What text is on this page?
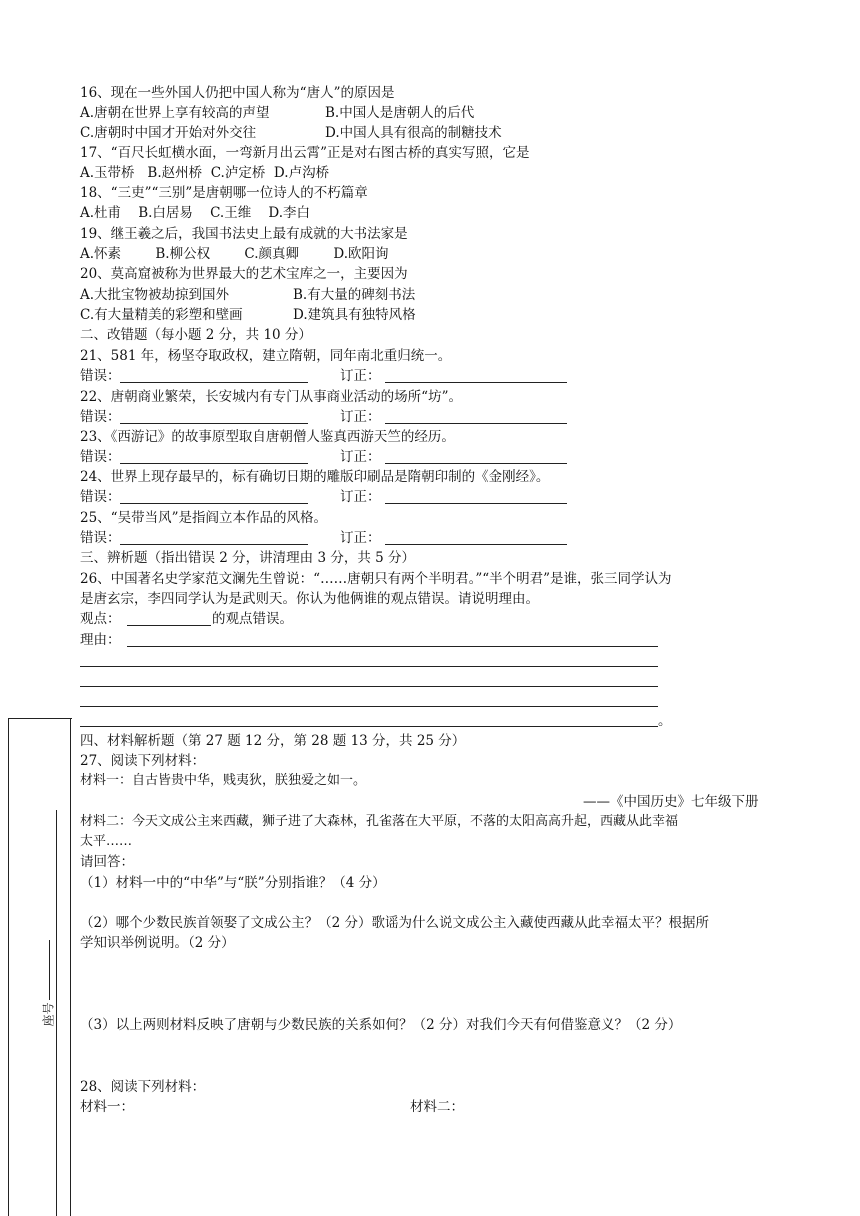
座号
16、现在一些外国人仍把中国人称为“唐人”的原因是
A.唐朝在世界上享有较高的声望	B.中国人是唐朝人的后代
C.唐朝时中国才开始对外交往	D.中国人具有很高的制糖技术
17、“百尺长虹横水面，一弯新月出云霄”正是对右图古桥的真实写照，它是
A.玉带桥   B.赵州桥  C.泸定桥  D.卢沟桥
18、“三吏”“三别”是唐朝哪一位诗人的不朽篇章
A.杜甫    B.白居易    C.王维    D.李白
19、继王羲之后，我国书法史上最有成就的大书法家是
A.怀素        B.柳公权        C.颜真卿        D.欧阳询
20、莫高窟被称为世界最大的艺术宝库之一，主要因为
A.大批宝物被劫掠到国外	B.有大量的碑刻书法
C.有大量精美的彩塑和壁画	D.建筑具有独特风格
二、改错题（每小题 2 分，共 10 分）
21、581 年，杨坚夺取政权，建立隋朝，同年南北重归统一。
错误：	订正：
22、唐朝商业繁荣，长安城内有专门从事商业活动的场所“坊”。
错误：	订正：
23、《西游记》的故事原型取自唐朝僧人鉴真西游天竺的经历。
错误：	订正：
24、世界上现存最早的，标有确切日期的雕版印刷品是隋朝印制的《金刚经》。
错误：	订正：
25、“吴带当风”是指阎立本作品的风格。
错误：	订正：
三、辨析题（指出错误 2 分，讲清理由 3 分，共 5 分）
26、中国著名史学家范文澜先生曾说：“……唐朝只有两个半明君。”“半个明君”是谁，张三同学认为
是唐玄宗，李四同学认为是武则天。你认为他俩谁的观点错误。请说明理由。
观点：	的观点错误。
理由：
。
四、材料解析题（第 27 题 12 分，第 28 题 13 分，共 25 分）
27、阅读下列材料：
材料一：自古皆贵中华，贱夷狄，朕独爱之如一。
——《中国历史》七年级下册
材料二：今天文成公主来西藏，狮子进了大森林，孔雀落在大平原，不落的太阳高高升起，西藏从此幸福
太平……
请回答：
（1）材料一中的“中华”与“朕”分别指谁？（4 分）
（2）哪个少数民族首领娶了文成公主？（2 分）歌谣为什么说文成公主入藏使西藏从此幸福太平？根据所
学知识举例说明。（2 分）
（3）以上两则材料反映了唐朝与少数民族的关系如何？（2 分）对我们今天有何借鉴意义？（2 分）
28、阅读下列材料：
材料一：	材料二：
